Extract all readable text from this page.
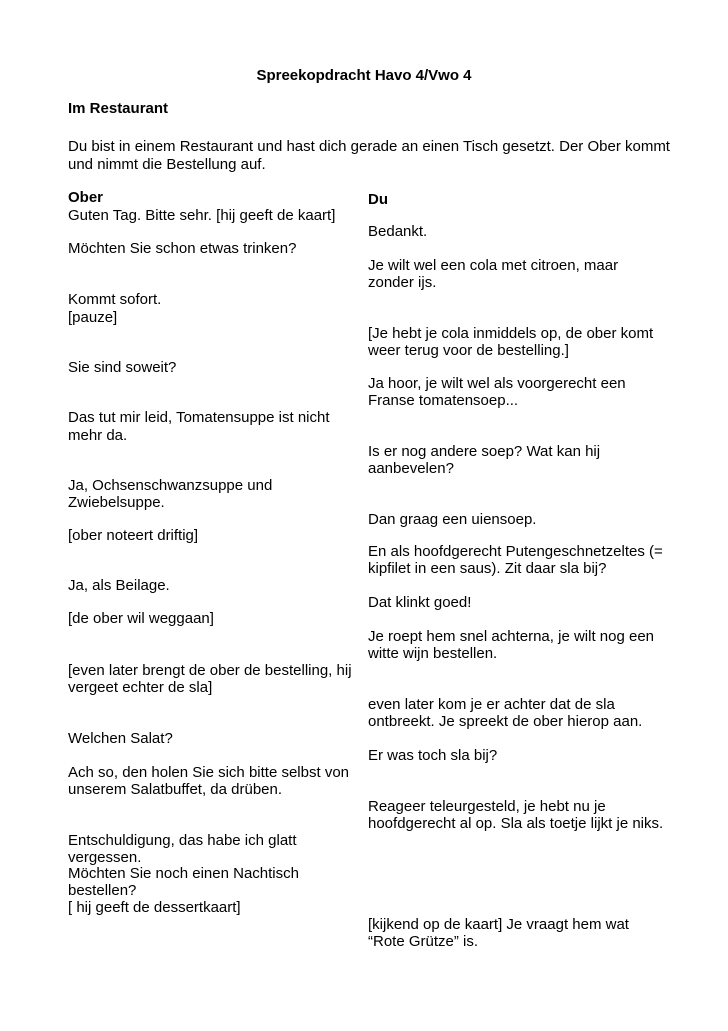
Spreekopdracht Havo 4/Vwo 4
Im Restaurant
Du bist in einem Restaurant und hast dich gerade an einen Tisch gesetzt. Der Ober kommt
und nimmt die Bestellung auf.
Ober	Du
Guten Tag. Bitte sehr. [hij geeft de kaart]
Möchten Sie schon etwas trinken?
Kommt sofort.
[pauze]
Sie sind soweit?
Das tut mir leid, Tomatensuppe ist nicht
mehr da.
Ja, Ochsenschwanzsuppe und
Zwiebelsuppe.
[ober noteert driftig]
Ja, als Beilage.
[de ober wil weggaan]
[even later brengt de ober de bestelling, hij
vergeet echter de sla]
Welchen Salat?
Ach so, den holen Sie sich bitte selbst von
unserem Salatbuffet, da drüben.
Entschuldigung, das habe ich glatt
vergessen.
Möchten Sie noch einen Nachtisch
bestellen?
[ hij geeft de dessertkaart]
Bedankt.
Je wilt wel een cola met citroen, maar
zonder ijs.
[Je hebt je cola inmiddels op, de ober komt
weer terug voor de bestelling.]
Ja hoor, je wilt wel als voorgerecht een
Franse tomatensoep...
Is er nog andere soep? Wat kan hij
aanbevelen?
Dan graag een uiensoep.
En als hoofdgerecht Putengeschnetzeltes (=
kipfilet in een saus). Zit daar sla bij?
Dat klinkt goed!
Je roept hem snel achterna, je wilt nog een
witte wijn bestellen.
even later kom je er achter dat de sla
ontbreekt. Je spreekt de ober hierop aan.
Er was toch sla bij?
Reageer teleurgesteld, je hebt nu je
hoofdgerecht al op. Sla als toetje lijkt je niks.
[kijkend op de kaart] Je vraagt hem wat
“Rote Grütze” is.
